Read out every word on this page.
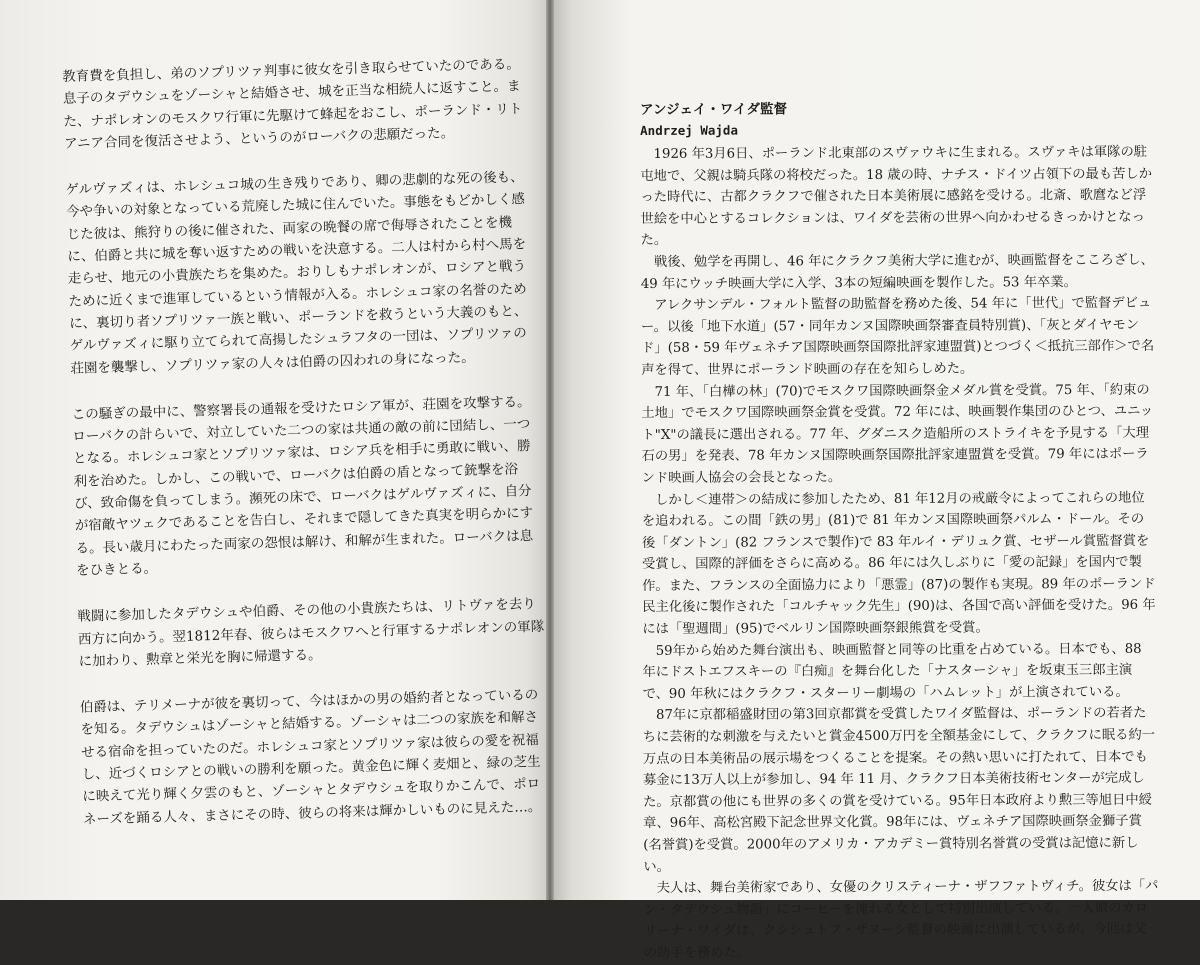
教育費を負担し、弟のソプリツァ判事に彼女を引き取らせていたのである。息子のタデウシュをゾーシャと結婚させ、城を正当な相続人に返すこと。また、ナポレオンのモスクワ行軍に先駆けて蜂起をおこし、ポーランド・リトアニア合同を復活させよう、というのがローバクの悲願だった。

ゲルヴァズィは、ホレシュコ城の生き残りであり、卿の悲劇的な死の後も、今や争いの対象となっている荒廃した城に住んでいた。事態をもどかしく感じた彼は、熊狩りの後に催された、両家の晩餐の席で侮辱されたことを機に、伯爵と共に城を奪い返すための戦いを決意する。二人は村から村へ馬を走らせ、地元の小貴族たちを集めた。おりしもナポレオンが、ロシアと戦うために近くまで進軍しているという情報が入る。ホレシュコ家の名誉のために、裏切り者ソプリツァ一族と戦い、ポーランドを救うという大義のもと、ゲルヴァズィに駆り立てられて高揚したシュラフタの一団は、ソプリツァの荘園を襲撃し、ソプリツァ家の人々は伯爵の囚われの身になった。

この騒ぎの最中に、警察署長の通報を受けたロシア軍が、荘園を攻撃する。ローバクの計らいで、対立していた二つの家は共通の敵の前に団結し、一つとなる。ホレシュコ家とソプリツァ家は、ロシア兵を相手に勇敢に戦い、勝利を治めた。しかし、この戦いで、ローバクは伯爵の盾となって銃撃を浴び、致命傷を負ってしまう。瀕死の床で、ローバクはゲルヴァズィに、自分が宿敵ヤツェクであることを告白し、それまで隠してきた真実を明らかにする。長い歳月にわたった両家の怨恨は解け、和解が生まれた。ローバクは息をひきとる。

戦闘に参加したタデウシュや伯爵、その他の小貴族たちは、リトヴァを去り西方に向かう。翌1812年春、彼らはモスクワへと行軍するナポレオンの軍隊に加わり、勲章と栄光を胸に帰還する。

伯爵は、テリメーナが彼を裏切って、今はほかの男の婚約者となっているのを知る。タデウシュはゾーシャと結婚する。ゾーシャは二つの家族を和解させる宿命を担っていたのだ。ホレシュコ家とソプリツァ家は彼らの愛を祝福し、近づくロシアとの戦いの勝利を願った。黄金色に輝く麦畑と、緑の芝生に映えて光り輝く夕雲のもと、ゾーシャとタデウシュを取りかこんで、ポロネーズを踊る人々、まさにその時、彼らの将来は輝かしいものに見えた…。

アンジェイ・ワイダ監督
Andrzej Wajda

1926 年3月6日、ポーランド北東部のスヴァウキに生まれる。スヴァキは軍隊の駐屯地で、父親は騎兵隊の将校だった。18 歳の時、ナチス・ドイツ占領下の最も苦しかった時代に、古都クラクフで催された日本美術展に感銘を受ける。北斎、歌麿など浮世絵を中心とするコレクションは、ワイダを芸術の世界へ向かわせるきっかけとなった。

戦後、勉学を再開し、46 年にクラクフ美術大学に進むが、映画監督をこころざし、49 年にウッチ映画大学に入学、3本の短編映画を製作した。53 年卒業。

アレクサンデル・フォルト監督の助監督を務めた後、54 年に「世代」で監督デビュー。以後「地下水道」(57・同年カンヌ国際映画祭審査員特別賞)、「灰とダイヤモンド」(58・59 年ヴェネチア国際映画祭国際批評家連盟賞)とつづく＜抵抗三部作＞で名声を得て、世界にポーランド映画の存在を知らしめた。

71 年、「白樺の林」(70)でモスクワ国際映画祭金メダル賞を受賞。75 年、「約束の土地」でモスクワ国際映画祭金賞を受賞。72 年には、映画製作集団のひとつ、ユニット"X"の議長に選出される。77 年、グダニスク造船所のストライキを予見する「大理石の男」を発表、78 年カンヌ国際映画祭国際批評家連盟賞を受賞。79 年にはポーランド映画人協会の会長となった。

しかし＜連帯＞の結成に参加したため、81 年12月の戒厳令によってこれらの地位を追われる。この間「鉄の男」(81)で 81 年カンヌ国際映画祭パルム・ドール。その後「ダントン」(82 フランスで製作)で 83 年ルイ・デリュク賞、セザール賞監督賞を受賞し、国際的評価をさらに高める。86 年には久しぶりに「愛の記録」を国内で製作。また、フランスの全面協力により「悪霊」(87)の製作も実現。89 年のポーランド民主化後に製作された「コルチャック先生」(90)は、各国で高い評価を受けた。96 年には「聖週間」(95)でベルリン国際映画祭銀熊賞を受賞。

59年から始めた舞台演出も、映画監督と同等の比重を占めている。日本でも、88 年にドストエフスキーの『白痴』を舞台化した「ナスターシャ」を坂東玉三郎主演で、90 年秋にはクラクフ・スターリー劇場の「ハムレット」が上演されている。

87年に京都稲盛財団の第3回京都賞を受賞したワイダ監督は、ポーランドの若者たちに芸術的な刺激を与えたいと賞金4500万円を全額基金にして、クラクフに眠る約一万点の日本美術品の展示場をつくることを提案。その熱い思いに打たれて、日本でも募金に13万人以上が参加し、94 年 11 月、クラクフ日本美術技術センターが完成した。京都賞の他にも世界の多くの賞を受けている。95年日本政府より勲三等旭日中綬章、96年、高松宮殿下記念世界文化賞。98年には、ヴェネチア国際映画祭金獅子賞(名誉賞)を受賞。2000年のアメリカ・アカデミー賞特別名誉賞の受賞は記憶に新しい。

夫人は、舞台美術家であり、女優のクリスティーナ・ザフファトヴィチ。彼女は「パン・タデウシュ物語」にコーヒーを淹れる女として特別出演している。一人娘のカロリーナ・ワイダは、クシシュトフ・ザヌーシ監督の映画に出演しているが、今回は父の助手を務めた。
